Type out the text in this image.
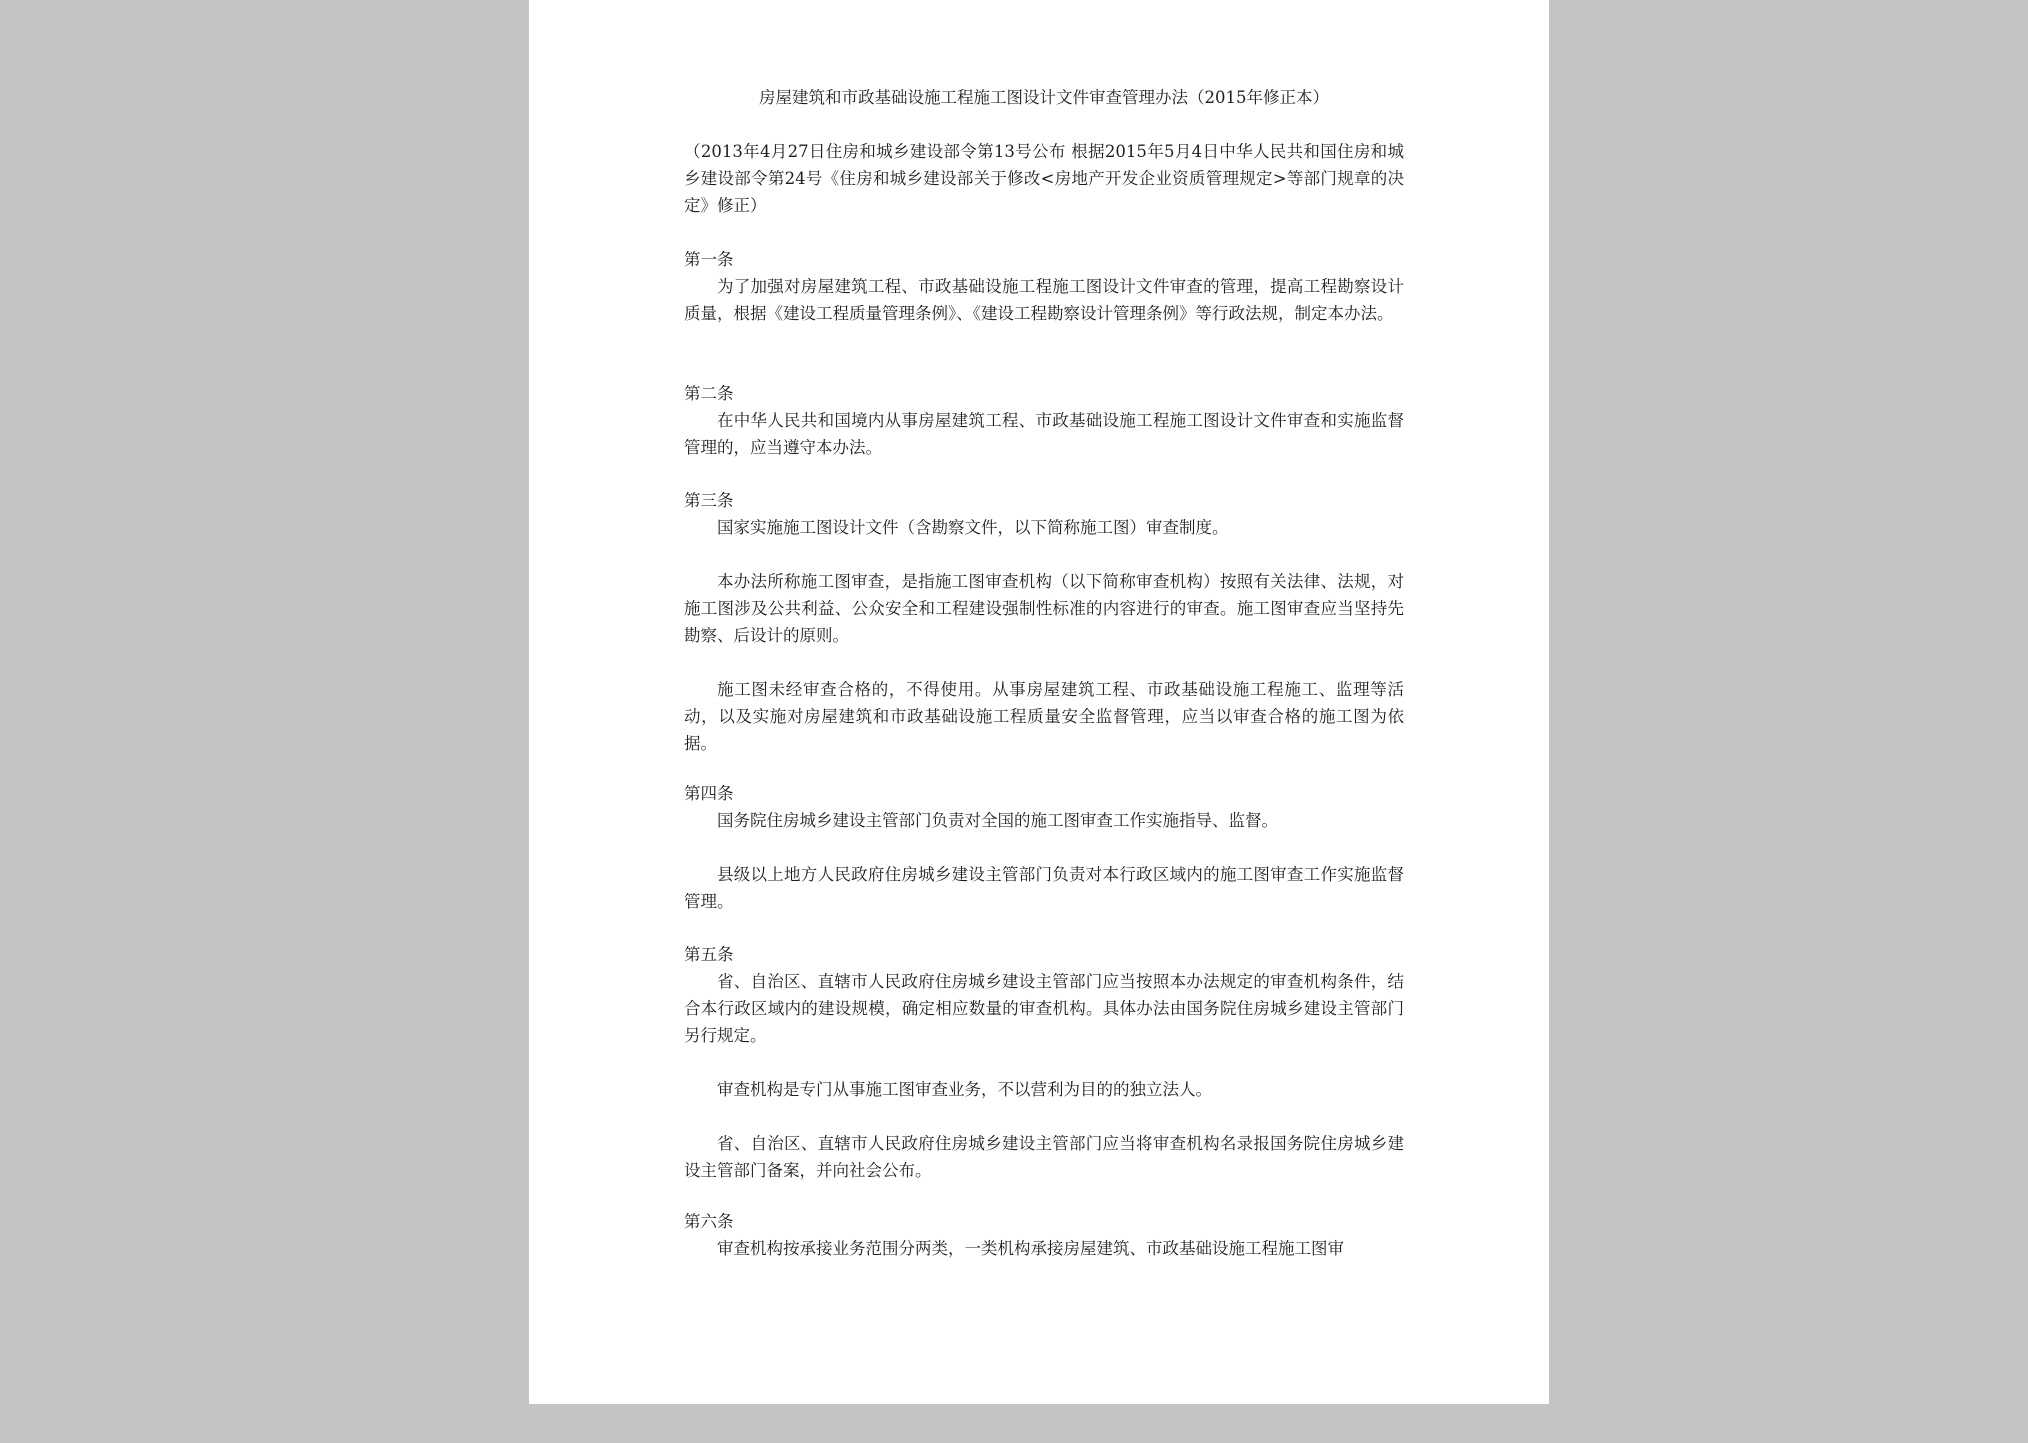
房屋建筑和市政基础设施工程施工图设计文件审查管理办法（2015年修正本）

（2013年4月27日住房和城乡建设部令第13号公布 根据2015年5月4日中华人民共和国住房和城乡建设部令第24号《住房和城乡建设部关于修改<房地产开发企业资质管理规定>等部门规章的决定》修正）

第一条

为了加强对房屋建筑工程、市政基础设施工程施工图设计文件审查的管理，提高工程勘察设计质量，根据《建设工程质量管理条例》、《建设工程勘察设计管理条例》等行政法规，制定本办法。

第二条

在中华人民共和国境内从事房屋建筑工程、市政基础设施工程施工图设计文件审查和实施监督管理的，应当遵守本办法。

第三条

国家实施施工图设计文件（含勘察文件，以下简称施工图）审查制度。

本办法所称施工图审查，是指施工图审查机构（以下简称审查机构）按照有关法律、法规，对施工图涉及公共利益、公众安全和工程建设强制性标准的内容进行的审查。施工图审查应当坚持先勘察、后设计的原则。

施工图未经审查合格的，不得使用。从事房屋建筑工程、市政基础设施工程施工、监理等活动，以及实施对房屋建筑和市政基础设施工程质量安全监督管理，应当以审查合格的施工图为依据。

第四条

国务院住房城乡建设主管部门负责对全国的施工图审查工作实施指导、监督。

县级以上地方人民政府住房城乡建设主管部门负责对本行政区域内的施工图审查工作实施监督管理。

第五条

省、自治区、直辖市人民政府住房城乡建设主管部门应当按照本办法规定的审查机构条件，结合本行政区域内的建设规模，确定相应数量的审查机构。具体办法由国务院住房城乡建设主管部门另行规定。

审查机构是专门从事施工图审查业务，不以营利为目的的独立法人。

省、自治区、直辖市人民政府住房城乡建设主管部门应当将审查机构名录报国务院住房城乡建设主管部门备案，并向社会公布。

第六条

审查机构按承接业务范围分两类，一类机构承接房屋建筑、市政基础设施工程施工图审
